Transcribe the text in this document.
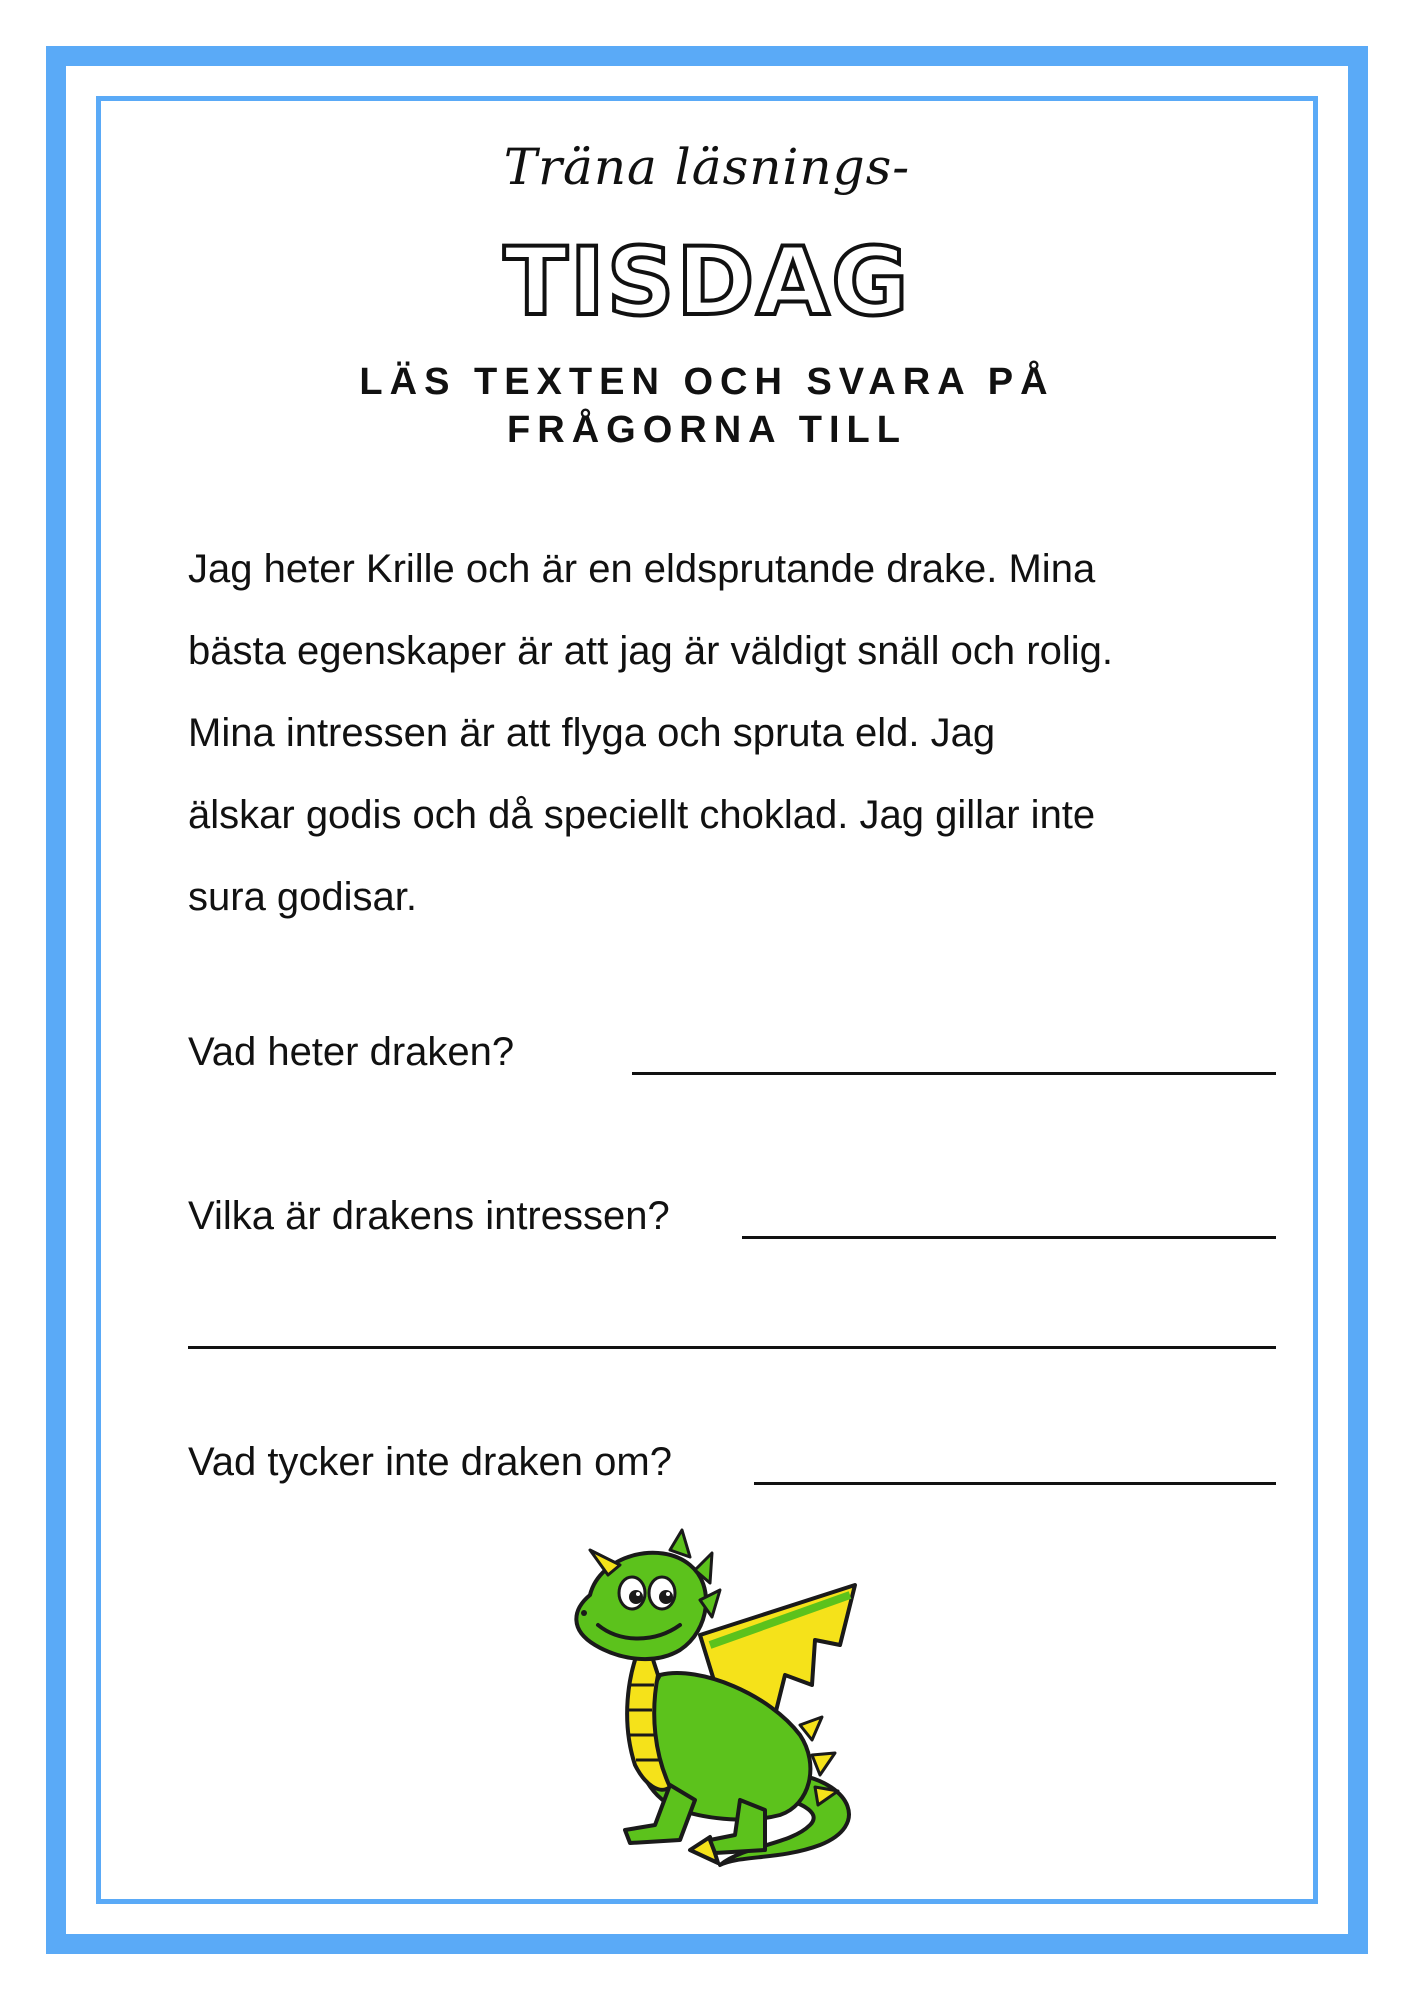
Träna läsnings-
TISDAG
LÄS TEXTEN OCH SVARA PÅ
FRÅGORNA TILL
Jag heter Krille och är en eldsprutande drake. Mina
bästa egenskaper är att jag är väldigt snäll och rolig.
Mina intressen är att flyga och spruta eld. Jag
älskar godis och då speciellt choklad. Jag gillar inte
sura godisar.
Vad heter draken?
Vilka är drakens intressen?
Vad tycker inte draken om?
